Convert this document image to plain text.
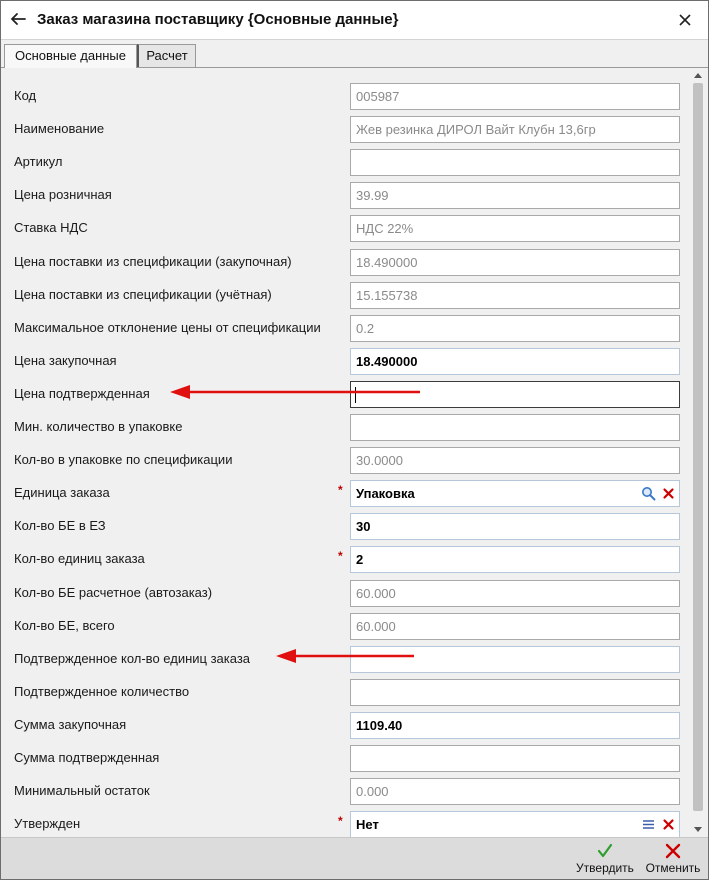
Заказ магазина поставщику {Основные данные}
Основные данные	Расчет
Код	005987
Наименование	Жев резинка ДИРОЛ Вайт Клубн 13,6гр
Артикул
Цена розничная	39.99
Ставка НДС	НДС 22%
Цена поставки из спецификации (закупочная)	18.490000
Цена поставки из спецификации (учётная)	15.155738
Максимальное отклонение цены от спецификации	0.2
Цена закупочная	18.490000
Цена подтвержденная
Мин. количество в упаковке
Кол-во в упаковке по спецификации	30.0000
Единица заказа	*	Упаковка
Кол-во БЕ в ЕЗ	30
Кол-во единиц заказа	*	2
Кол-во БЕ расчетное (автозаказ)	60.000
Кол-во БЕ, всего	60.000
Подтвержденное кол-во единиц заказа
Подтвержденное количество
Сумма закупочная	1109.40
Сумма подтвержденная
Минимальный остаток	0.000
Утвержден	*	Нет
Утвердить Отменить
